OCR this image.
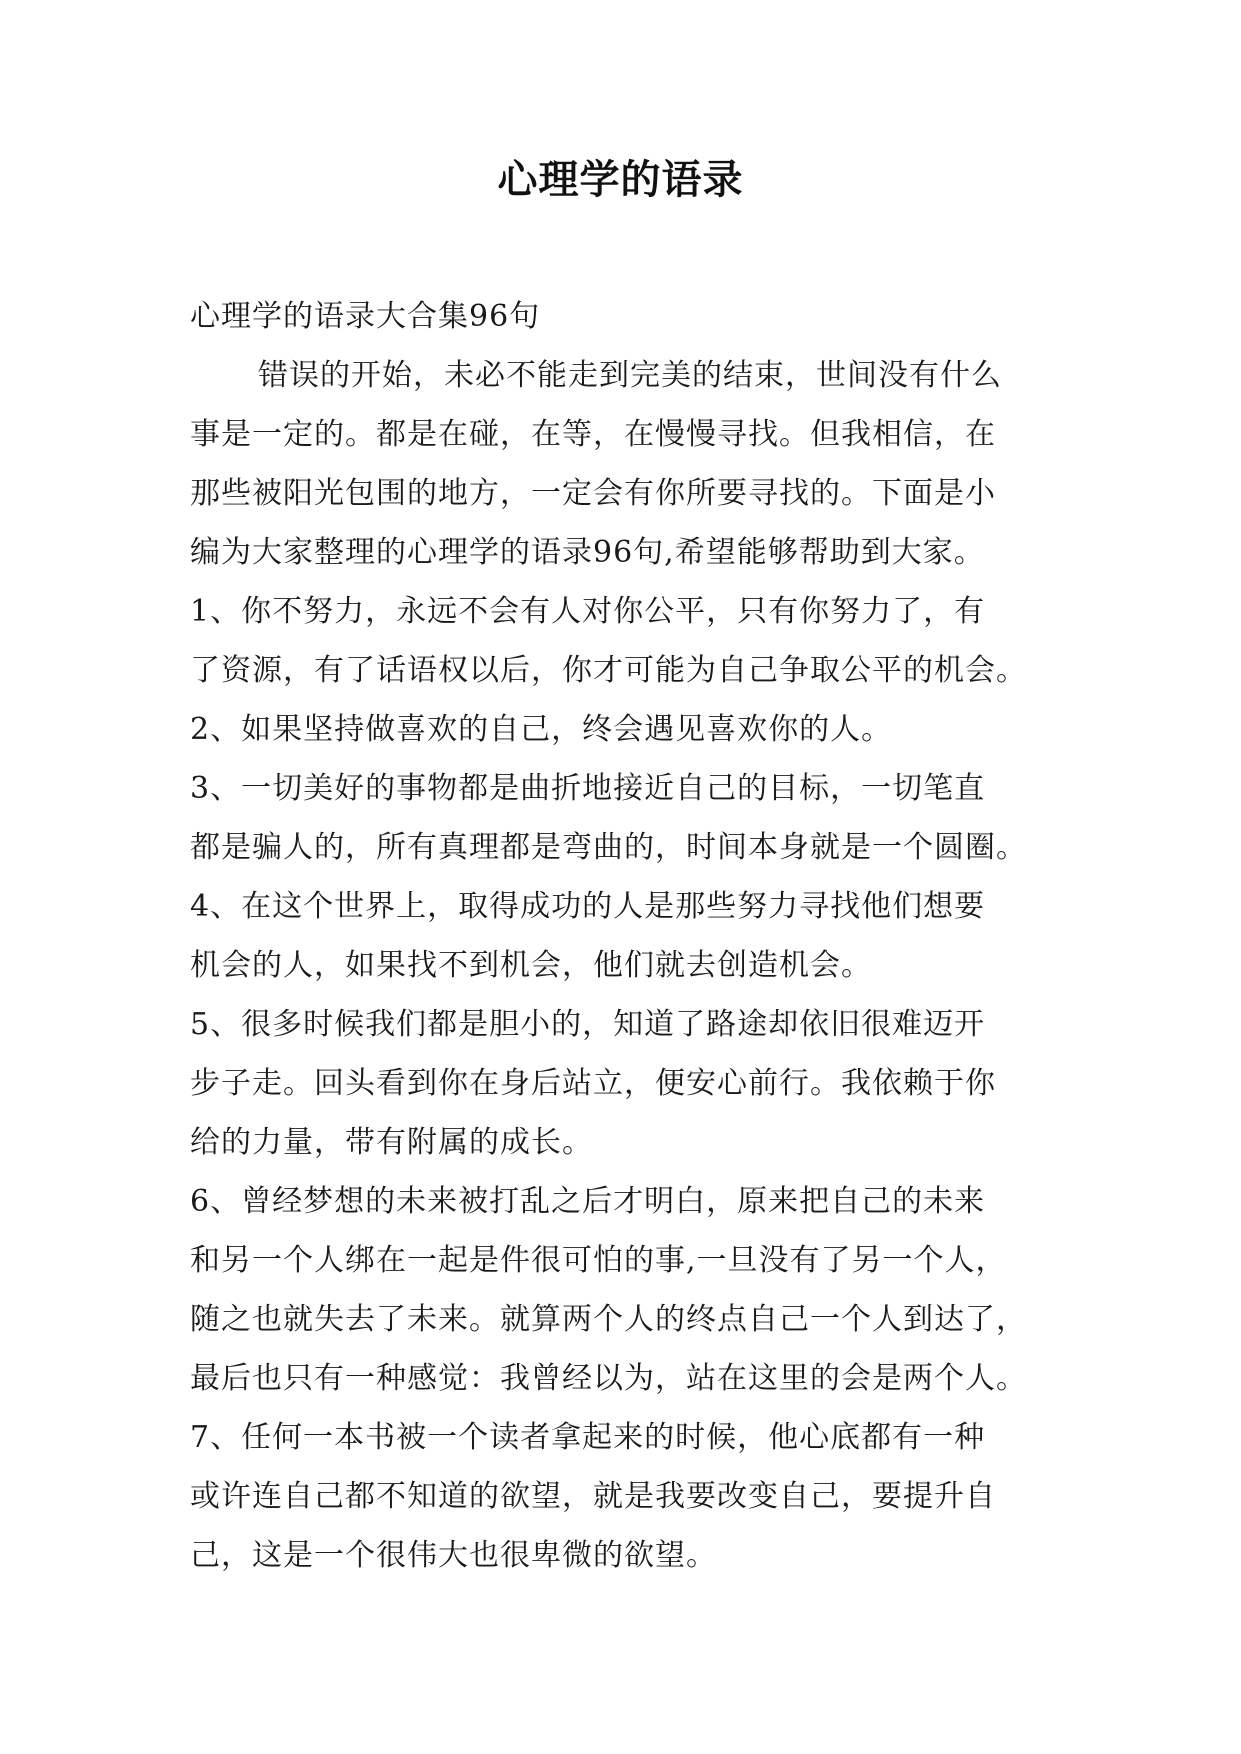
心理学的语录
心理学的语录大合集96句
错误的开始，未必不能走到完美的结束，世间没有什么
事是一定的。都是在碰，在等，在慢慢寻找。但我相信，在
那些被阳光包围的地方，一定会有你所要寻找的。下面是小
编为大家整理的心理学的语录96句,希望能够帮助到大家。
1、你不努力，永远不会有人对你公平，只有你努力了，有
了资源，有了话语权以后，你才可能为自己争取公平的机会。
2、如果坚持做喜欢的自己，终会遇见喜欢你的人。
3、一切美好的事物都是曲折地接近自己的目标，一切笔直
都是骗人的，所有真理都是弯曲的，时间本身就是一个圆圈。
4、在这个世界上，取得成功的人是那些努力寻找他们想要
机会的人，如果找不到机会，他们就去创造机会。
5、很多时候我们都是胆小的，知道了路途却依旧很难迈开
步子走。回头看到你在身后站立，便安心前行。我依赖于你
给的力量，带有附属的成长。
6、曾经梦想的未来被打乱之后才明白，原来把自己的未来
和另一个人绑在一起是件很可怕的事,一旦没有了另一个人，
随之也就失去了未来。就算两个人的终点自己一个人到达了，
最后也只有一种感觉：我曾经以为，站在这里的会是两个人。
7、任何一本书被一个读者拿起来的时候，他心底都有一种
或许连自己都不知道的欲望，就是我要改变自己，要提升自
己，这是一个很伟大也很卑微的欲望。
